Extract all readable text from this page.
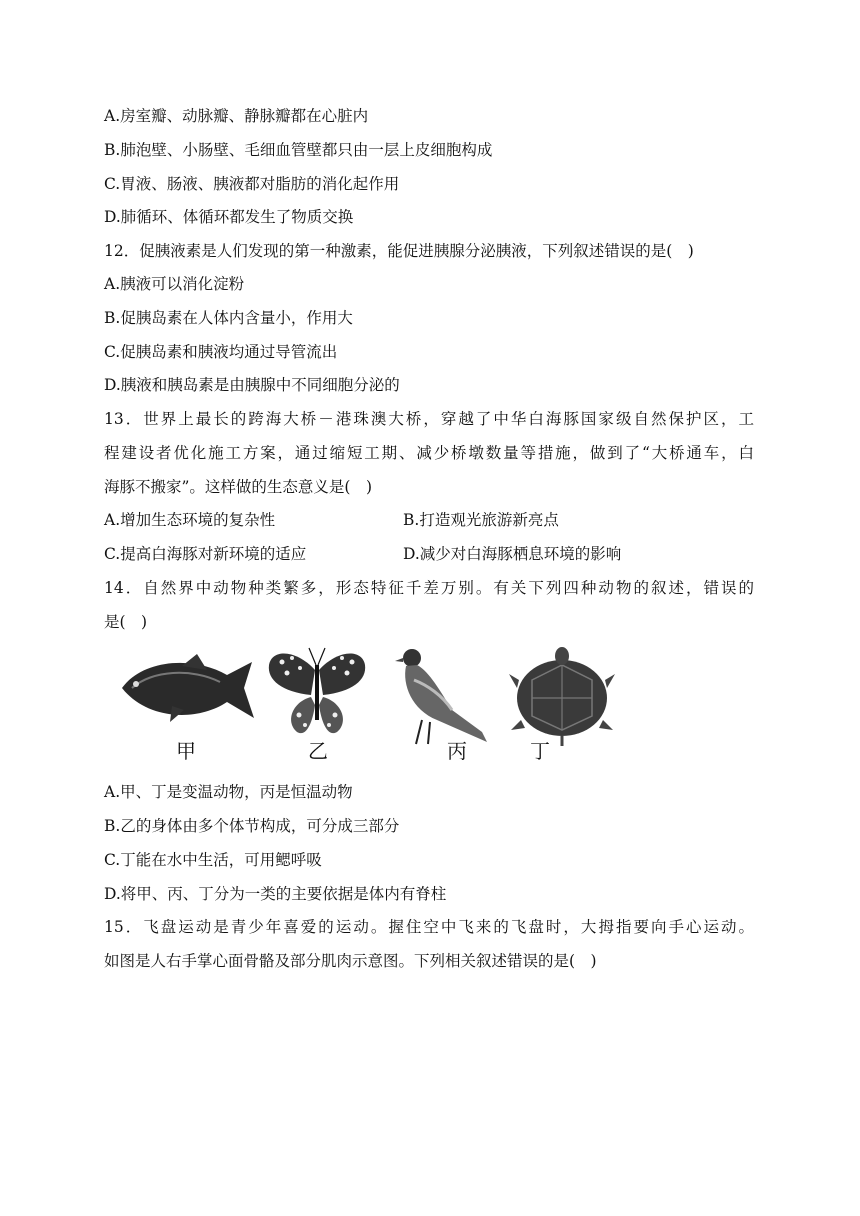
A.房室瓣、动脉瓣、静脉瓣都在心脏内
B.肺泡壁、小肠壁、毛细血管壁都只由一层上皮细胞构成
C.胃液、肠液、胰液都对脂肪的消化起作用
D.肺循环、体循环都发生了物质交换
12．促胰液素是人们发现的第一种激素，能促进胰腺分泌胰液，下列叙述错误的是(　)
A.胰液可以消化淀粉
B.促胰岛素在人体内含量小，作用大
C.促胰岛素和胰液均通过导管流出
D.胰液和胰岛素是由胰腺中不同细胞分泌的
13．世界上最长的跨海大桥－港珠澳大桥，穿越了中华白海豚国家级自然保护区，工
程建设者优化施工方案，通过缩短工期、减少桥墩数量等措施，做到了“大桥通车，白
海豚不搬家”。这样做的生态意义是(　)
A.增加生态环境的复杂性	B.打造观光旅游新亮点
C.提高白海豚对新环境的适应	D.减少对白海豚栖息环境的影响
14．自然界中动物种类繁多，形态特征千差万别。有关下列四种动物的叙述，错误的
是(　)
甲	乙	丙	丁
A.甲、丁是变温动物，丙是恒温动物
B.乙的身体由多个体节构成，可分成三部分
C.丁能在水中生活，可用鳃呼吸
D.将甲、丙、丁分为一类的主要依据是体内有脊柱
15．飞盘运动是青少年喜爱的运动。握住空中飞来的飞盘时，大拇指要向手心运动。
如图是人右手掌心面骨骼及部分肌肉示意图。下列相关叙述错误的是(　)
